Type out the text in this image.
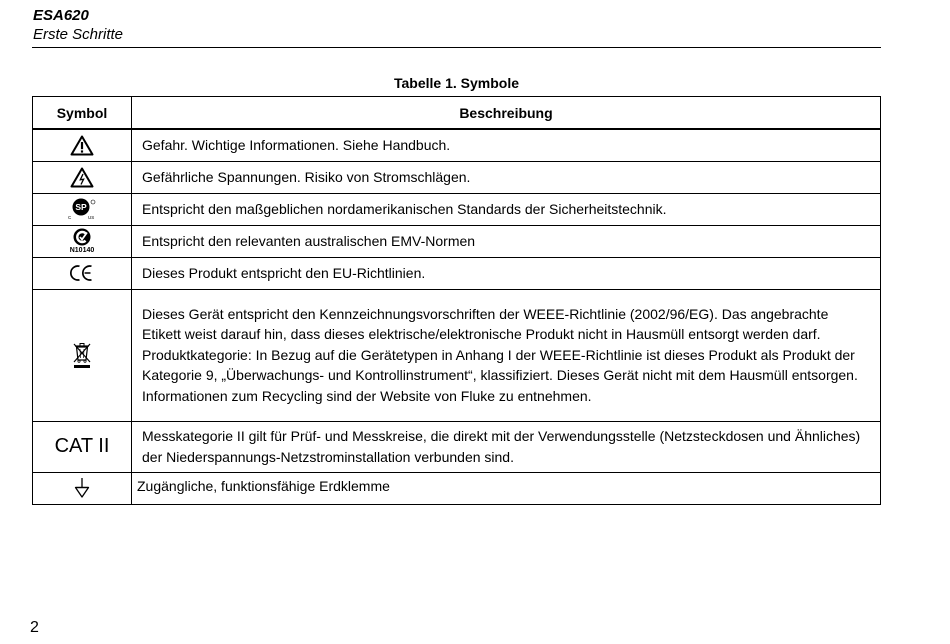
ESA620
Erste Schritte
Tabelle 1. Symbole
Symbol	Beschreibung
	Gefahr. Wichtige Informationen. Siehe Handbuch.
	Gefährliche Spannungen. Risiko von Stromschlägen.

SP
C US	Entspricht den maßgeblichen nordamerikanischen Standards der Sicherheitstechnik.

N10140	Entspricht den relevanten australischen EMV-Normen
	Dieses Produkt entspricht den EU-Richtlinien.
	Dieses Gerät entspricht den Kennzeichnungsvorschriften der WEEE-Richtlinie (2002/96/EG). Das angebrachte Etikett weist darauf hin, dass dieses elektrische/elektronische Produkt nicht in Hausmüll entsorgt werden darf. Produktkategorie: In Bezug auf die Gerätetypen in Anhang I der WEEE-Richtlinie ist dieses Produkt als Produkt der Kategorie 9, „Überwachungs- und Kontrollinstrument“, klassifiziert. Dieses Gerät nicht mit dem Hausmüll entsorgen. Informationen zum Recycling sind der Website von Fluke zu entnehmen.
CAT II	Messkategorie II gilt für Prüf- und Messkreise, die direkt mit der Verwendungsstelle (Netzsteckdosen und Ähnliches) der Niederspannungs-Netzstrominstallation verbunden sind.
	Zugängliche, funktionsfähige Erdklemme
2
